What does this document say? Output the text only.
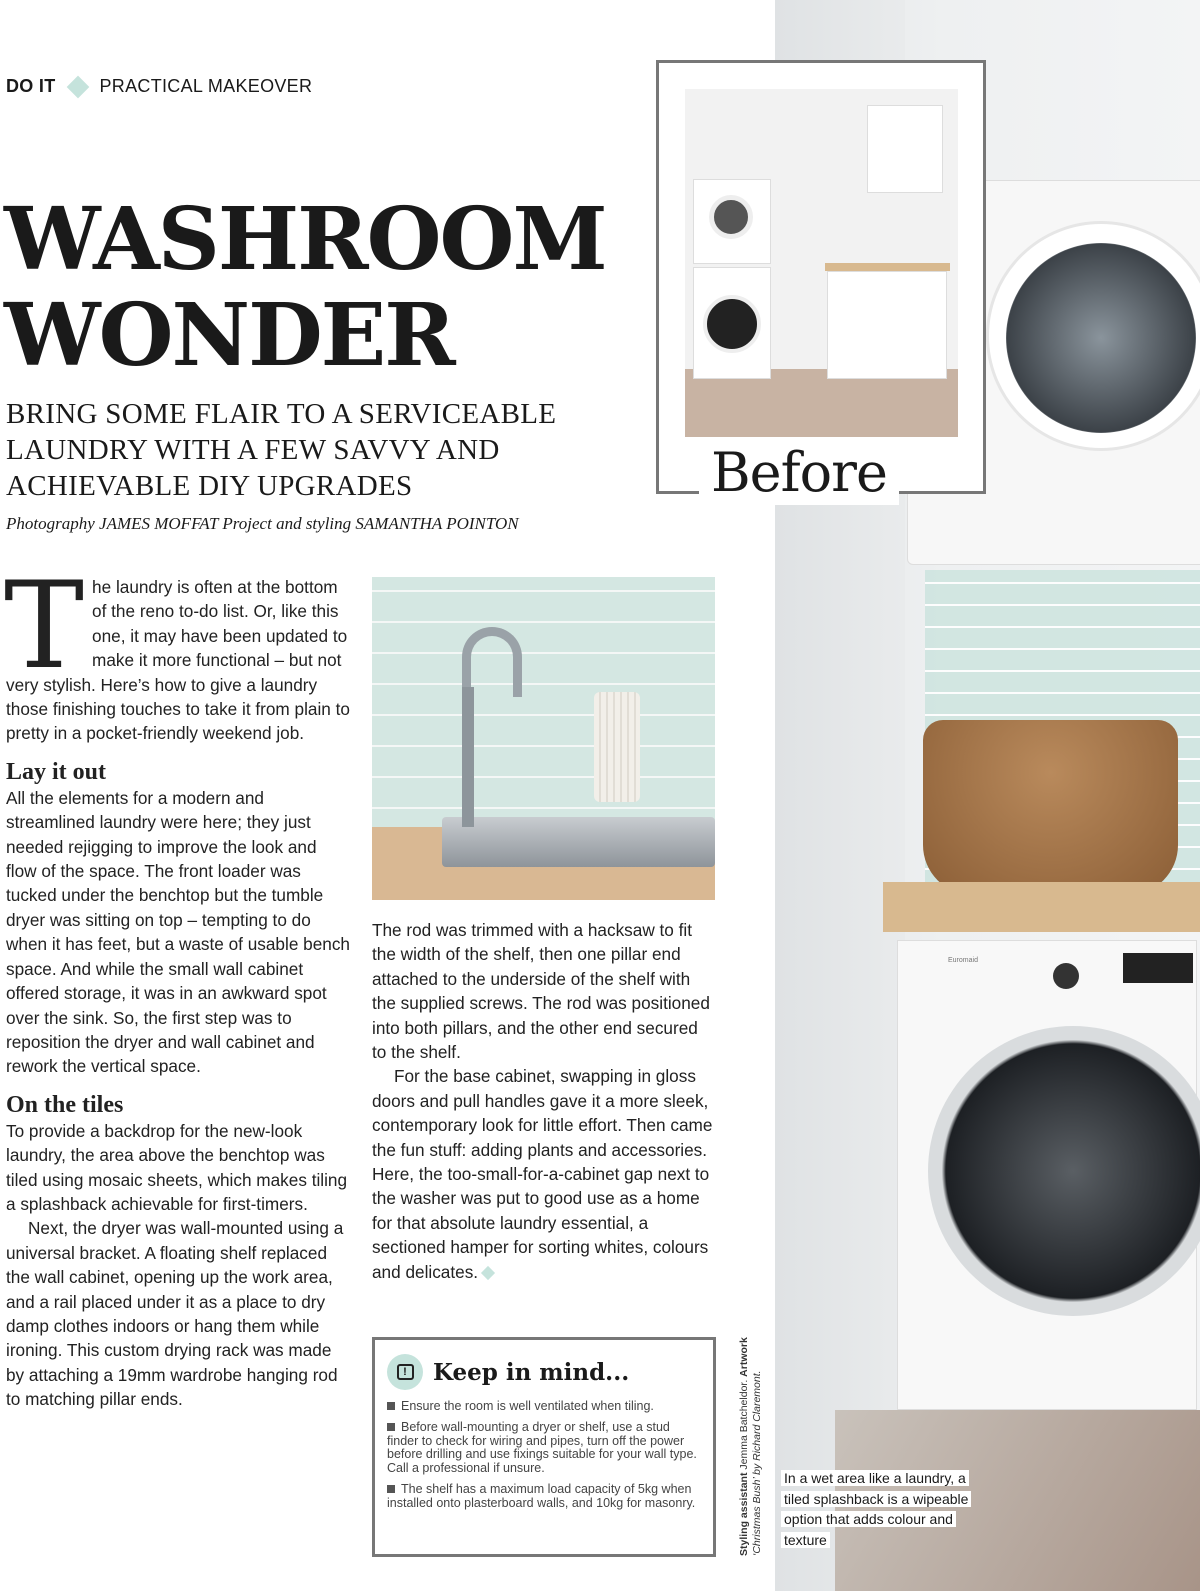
Euromaid
Before
DO IT PRACTICAL MAKEOVER
WASHROOM
WONDER
BRING SOME FLAIR TO A SERVICEABLE
LAUNDRY WITH A FEW SAVVY AND
ACHIEVABLE DIY UPGRADES
Photography JAMES MOFFAT Project and styling SAMANTHA POINTON

The laundry is often at the bottom of the reno to-do list. Or, like this one, it may have been updated to make it more functional – but not very stylish. Here’s how to give a laundry those finishing touches to take it from plain to pretty in a pocket-friendly weekend job.

Lay it out

All the elements for a modern and streamlined laundry were here; they just needed rejigging to improve the look and flow of the space. The front loader was tucked under the benchtop but the tumble dryer was sitting on top – tempting to do when it has feet, but a waste of usable bench space. And while the small wall cabinet offered storage, it was in an awkward spot over the sink. So, the first step was to reposition the dryer and wall cabinet and rework the vertical space.

On the tiles

To provide a backdrop for the new-look laundry, the area above the benchtop was tiled using mosaic sheets, which makes tiling a splashback achievable for first-timers.

Next, the dryer was wall-mounted using a universal bracket. A floating shelf replaced the wall cabinet, opening up the work area, and a rail placed under it as a place to dry damp clothes indoors or hang them while ironing. This custom drying rack was made by attaching a 19mm wardrobe hanging rod to matching pillar ends.

The rod was trimmed with a hacksaw to fit the width of the shelf, then one pillar end attached to the underside of the shelf with the supplied screws. The rod was positioned into both pillars, and the other end secured to the shelf.

For the base cabinet, swapping in gloss doors and pull handles gave it a more sleek, contemporary look for little effort. Then came the fun stuff: adding plants and accessories. Here, the too-small-for-a-cabinet gap next to the washer was put to good use as a home for that absolute laundry essential, a sectioned hamper for sorting whites, colours and delicates.

! Keep in mind...
Ensure the room is well ventilated when tiling.
Before wall-mounting a dryer or shelf, use a stud finder to check for wiring and pipes, turn off the power before drilling and use fixings suitable for your wall type. Call a professional if unsure.
The shelf has a maximum load capacity of 5kg when installed onto plasterboard walls, and 10kg for masonry.	Styling assistant Jemma Batcheldor. Artwork ‘Christmas Bush’ by Richard Claremont. In a wet area like a laundry, a tiled splashback is a wipeable option that adds colour and texture
